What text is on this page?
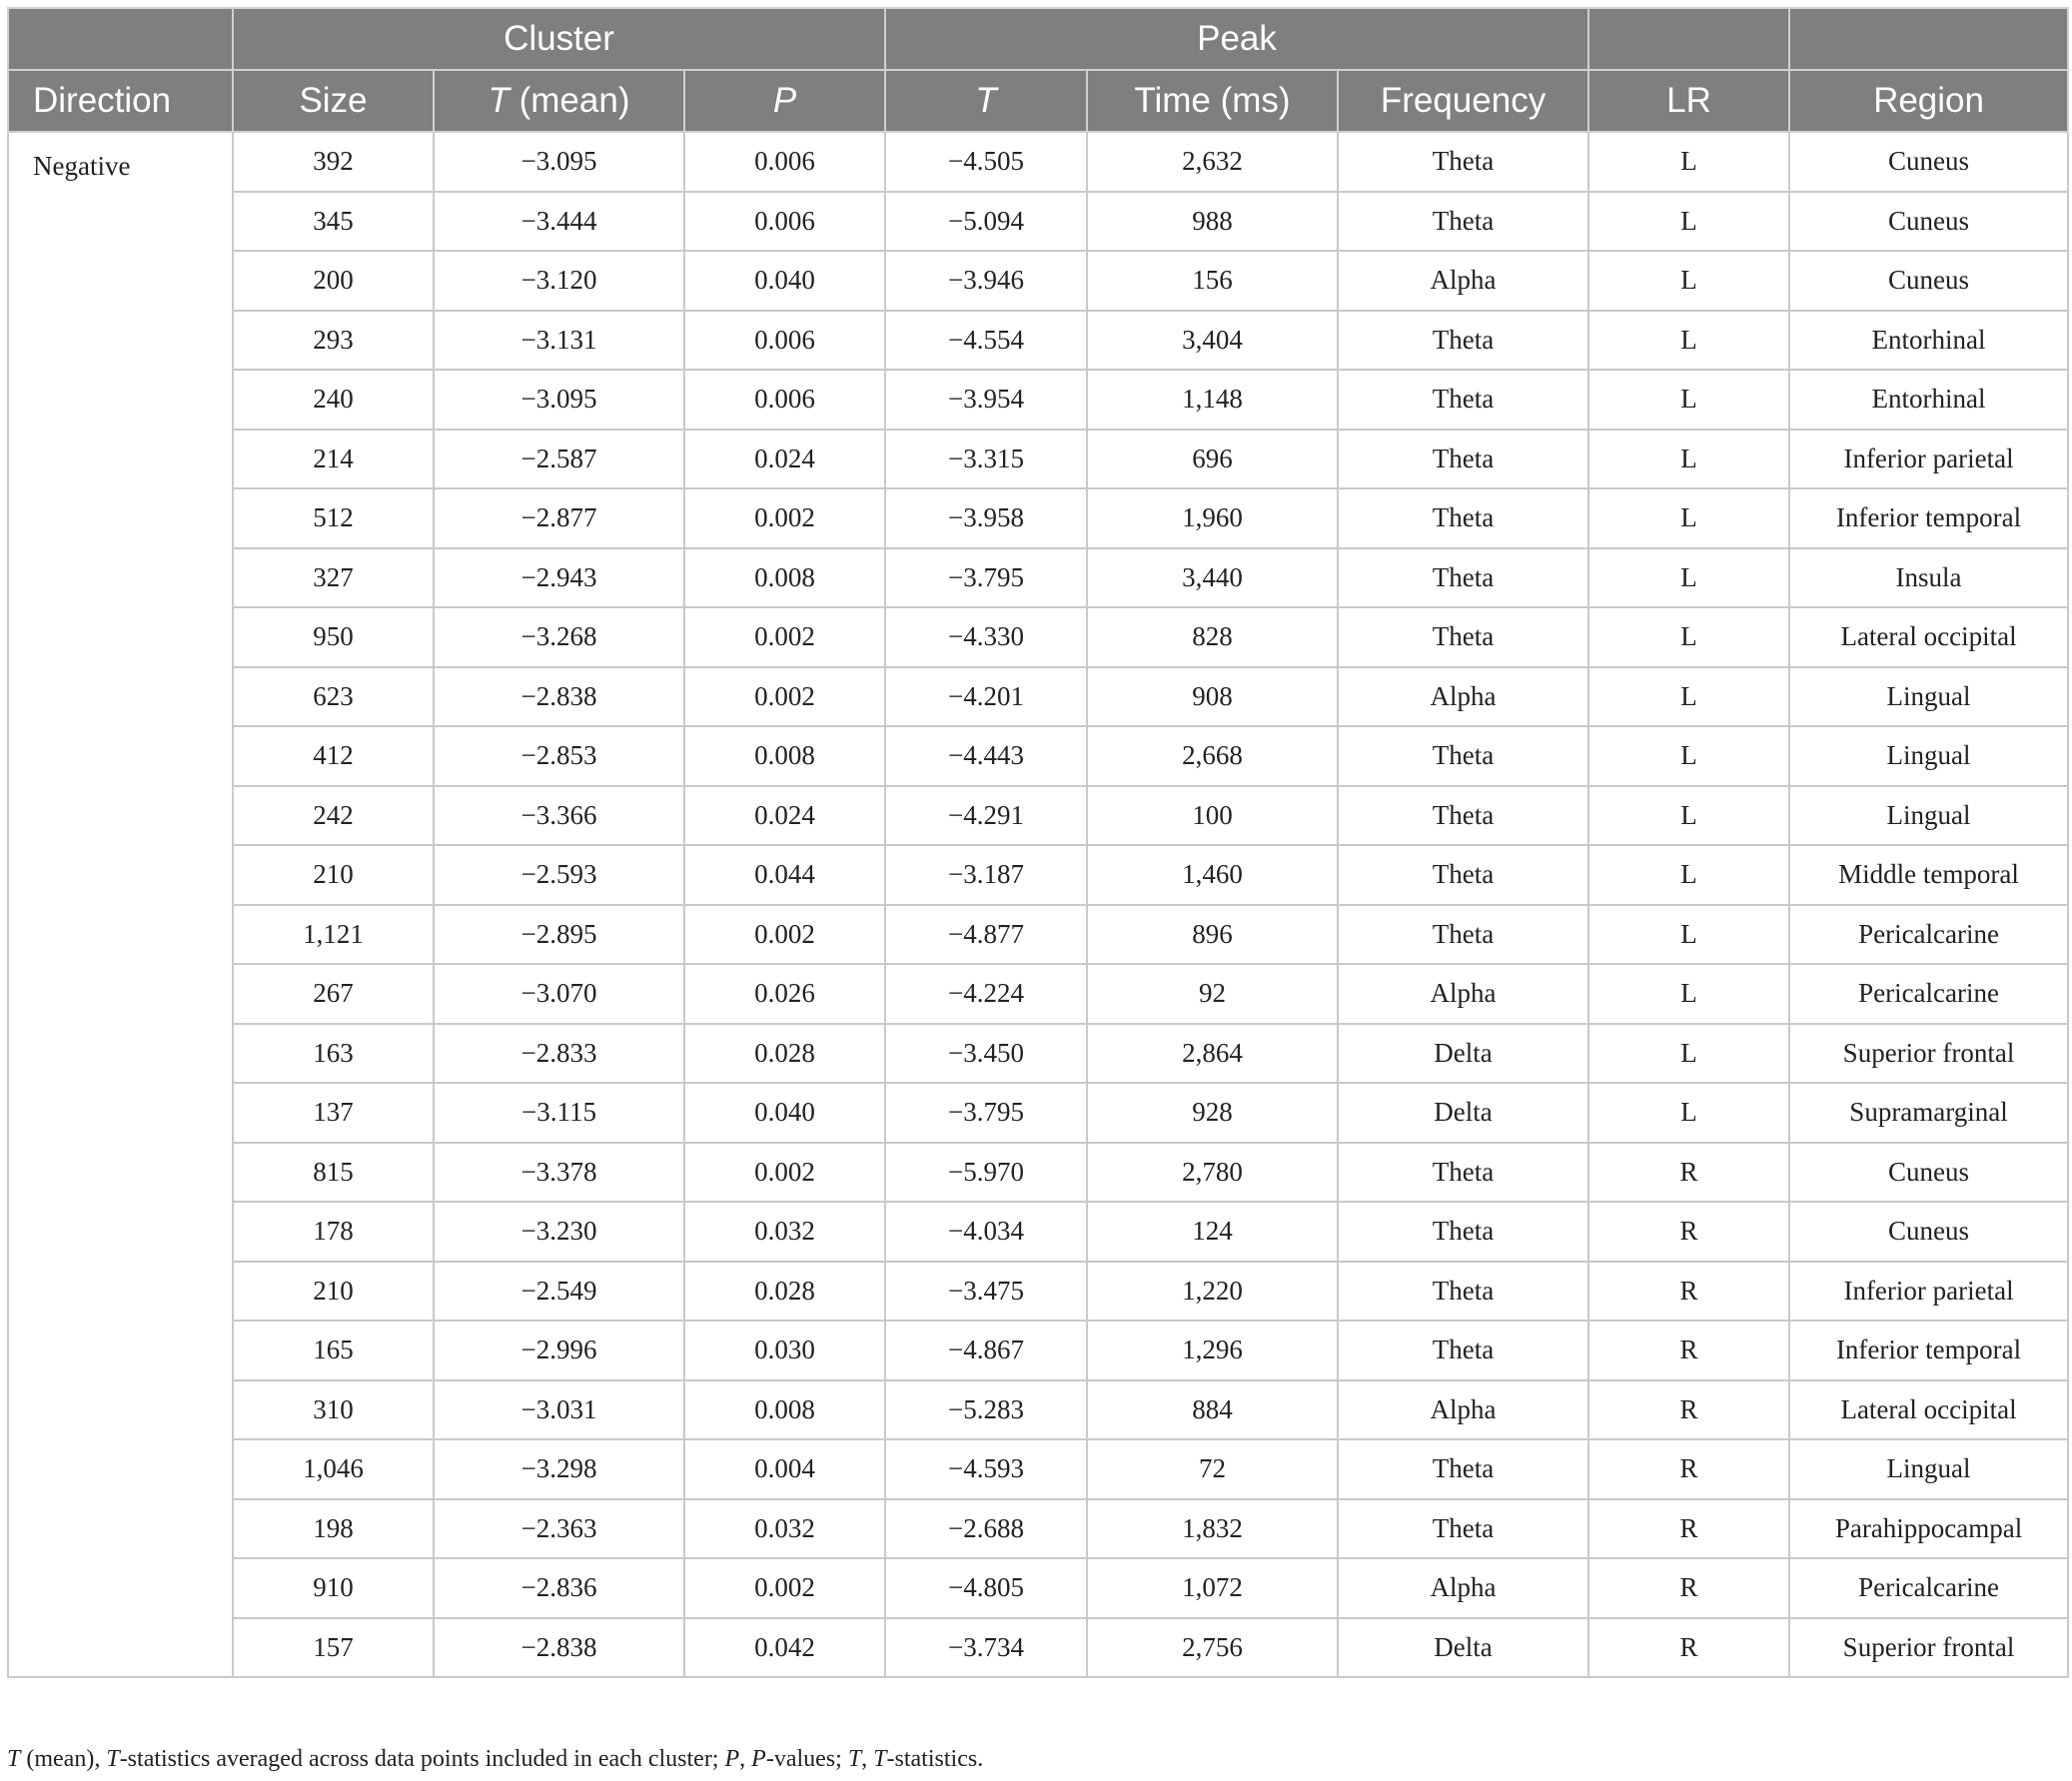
	Cluster			Peak				
Direction	Size	T (mean)	P	T	Time (ms)	Frequency	LR	Region
Negative	392	−3.095	0.006	−4.505	2,632	Theta	L	Cuneus
	345	−3.444	0.006	−5.094	988	Theta	L	Cuneus
	200	−3.120	0.040	−3.946	156	Alpha	L	Cuneus
	293	−3.131	0.006	−4.554	3,404	Theta	L	Entorhinal
	240	−3.095	0.006	−3.954	1,148	Theta	L	Entorhinal
	214	−2.587	0.024	−3.315	696	Theta	L	Inferior parietal
	512	−2.877	0.002	−3.958	1,960	Theta	L	Inferior temporal
	327	−2.943	0.008	−3.795	3,440	Theta	L	Insula
	950	−3.268	0.002	−4.330	828	Theta	L	Lateral occipital
	623	−2.838	0.002	−4.201	908	Alpha	L	Lingual
	412	−2.853	0.008	−4.443	2,668	Theta	L	Lingual
	242	−3.366	0.024	−4.291	100	Theta	L	Lingual
	210	−2.593	0.044	−3.187	1,460	Theta	L	Middle temporal
	1,121	−2.895	0.002	−4.877	896	Theta	L	Pericalcarine
	267	−3.070	0.026	−4.224	92	Alpha	L	Pericalcarine
	163	−2.833	0.028	−3.450	2,864	Delta	L	Superior frontal
	137	−3.115	0.040	−3.795	928	Delta	L	Supramarginal
	815	−3.378	0.002	−5.970	2,780	Theta	R	Cuneus
	178	−3.230	0.032	−4.034	124	Theta	R	Cuneus
	210	−2.549	0.028	−3.475	1,220	Theta	R	Inferior parietal
	165	−2.996	0.030	−4.867	1,296	Theta	R	Inferior temporal
	310	−3.031	0.008	−5.283	884	Alpha	R	Lateral occipital
	1,046	−3.298	0.004	−4.593	72	Theta	R	Lingual
	198	−2.363	0.032	−2.688	1,832	Theta	R	Parahippocampal
	910	−2.836	0.002	−4.805	1,072	Alpha	R	Pericalcarine
	157	−2.838	0.042	−3.734	2,756	Delta	R	Superior frontal
T (mean), T-statistics averaged across data points included in each cluster; P, P-values; T, T-statistics.
